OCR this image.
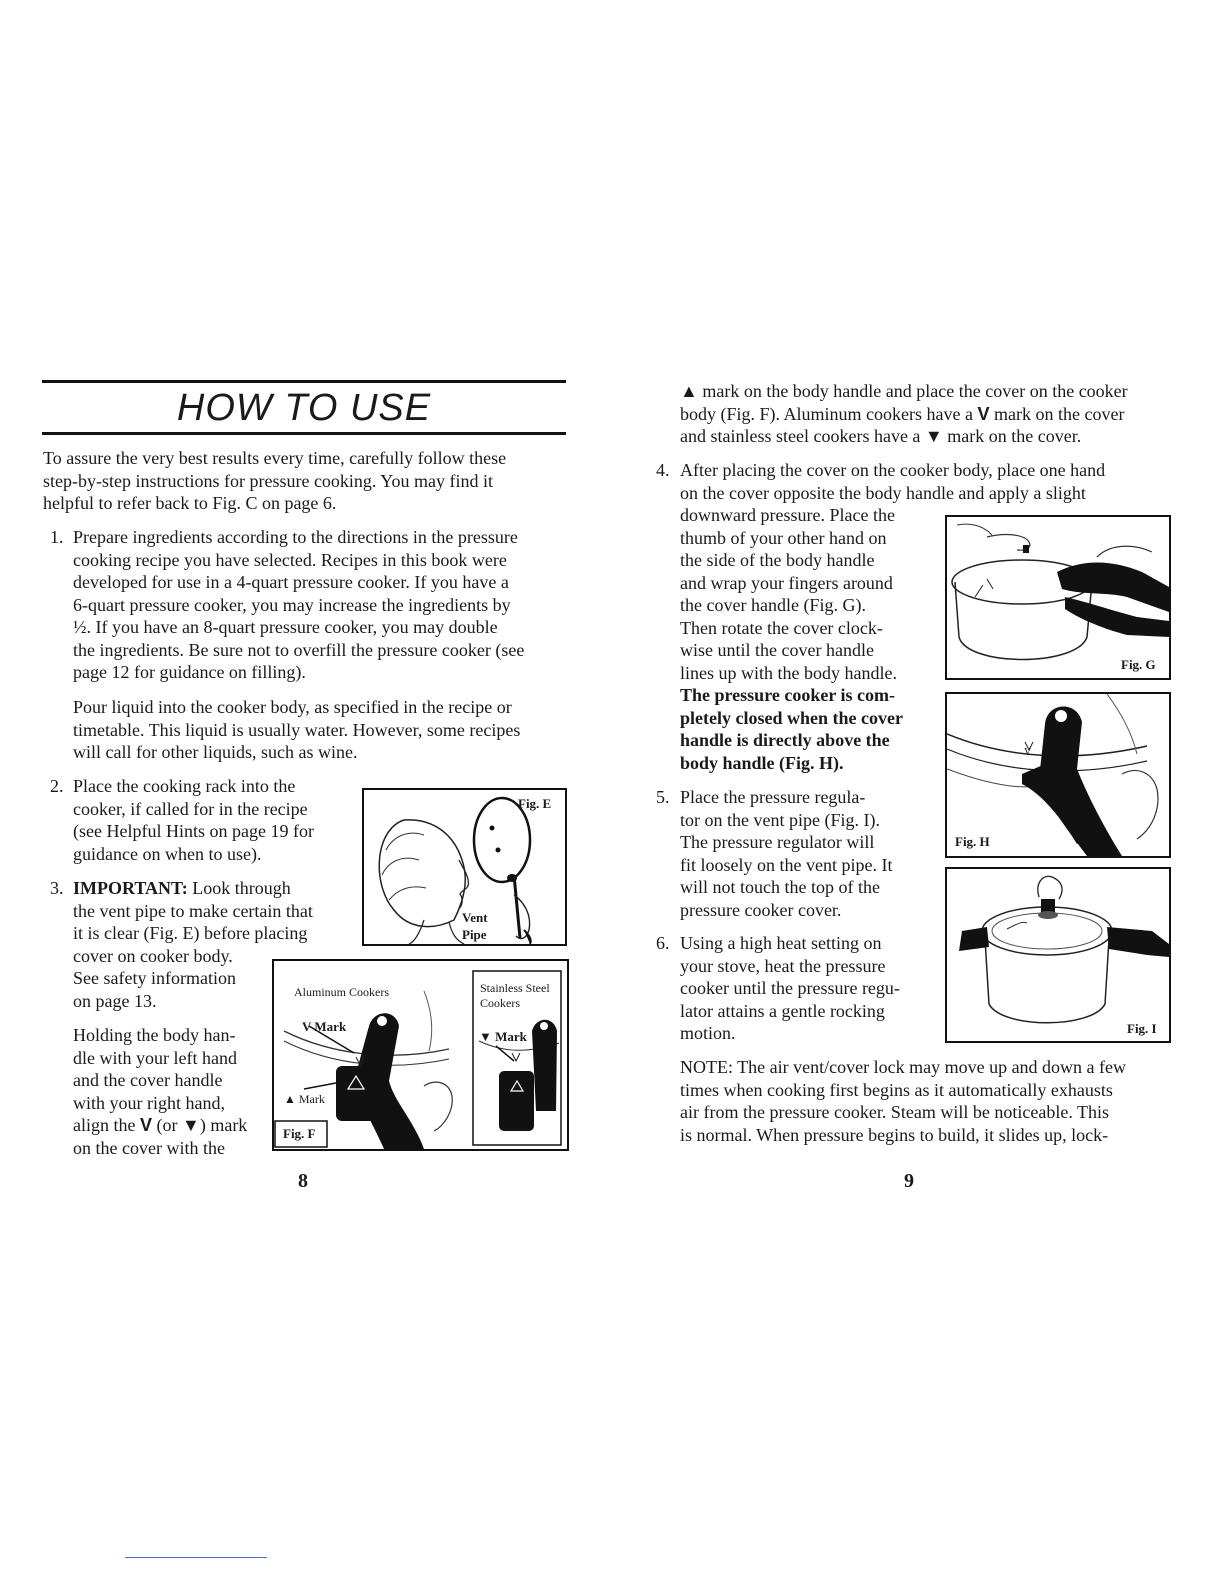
HOW TO USE
To assure the very best results every time, carefully follow these
step-by-step instructions for pressure cooking. You may find it
helpful to refer back to Fig. C on page 6.
1. Prepare ingredients according to the directions in the pressure
cooking recipe you have selected. Recipes in this book were
developed for use in a 4-quart pressure cooker. If you have a
6-quart pressure cooker, you may increase the ingredients by
½. If you have an 8-quart pressure cooker, you may double
the ingredients. Be sure not to overfill the pressure cooker (see
page 12 for guidance on filling).
Pour liquid into the cooker body, as specified in the recipe or
timetable. This liquid is usually water. However, some recipes
will call for other liquids, such as wine.
2. Place the cooking rack into the
cooker, if called for in the recipe
(see Helpful Hints on page 19 for
guidance on when to use).
3. IMPORTANT: Look through
the vent pipe to make certain that
it is clear (Fig. E) before placing
cover on cooker body.
See safety information
on page 13.
Holding the body han-
dle with your left hand
and the cover handle
with your right hand,
align the V (or ▼) mark
on the cover with the
Fig. E
Vent
Pipe
Aluminum Cookers	Stainless Steel
Cookers
V Mark
▲ Mark
▼ Mark
Fig. F
8
▲ mark on the body handle and place the cover on the cooker
body (Fig. F). Aluminum cookers have a V mark on the cover
and stainless steel cookers have a ▼ mark on the cover.
4. After placing the cover on the cooker body, place one hand
on the cover opposite the body handle and apply a slight
downward pressure. Place the
thumb of your other hand on
the side of the body handle
and wrap your fingers around
the cover handle (Fig. G).
Then rotate the cover clock-
wise until the cover handle
lines up with the body handle.
The pressure cooker is com-
pletely closed when the cover
handle is directly above the
body handle (Fig. H).
5. Place the pressure regula-
tor on the vent pipe (Fig. I).
The pressure regulator will
fit loosely on the vent pipe. It
will not touch the top of the
pressure cooker cover.
6. Using a high heat setting on
your stove, heat the pressure
cooker until the pressure regu-
lator attains a gentle rocking
motion.
NOTE: The air vent/cover lock may move up and down a few
times when cooking first begins as it automatically exhausts
air from the pressure cooker. Steam will be noticeable. This
is normal. When pressure begins to build, it slides up, lock-
Fig. G
V
Fig. H
Fig. I
9
